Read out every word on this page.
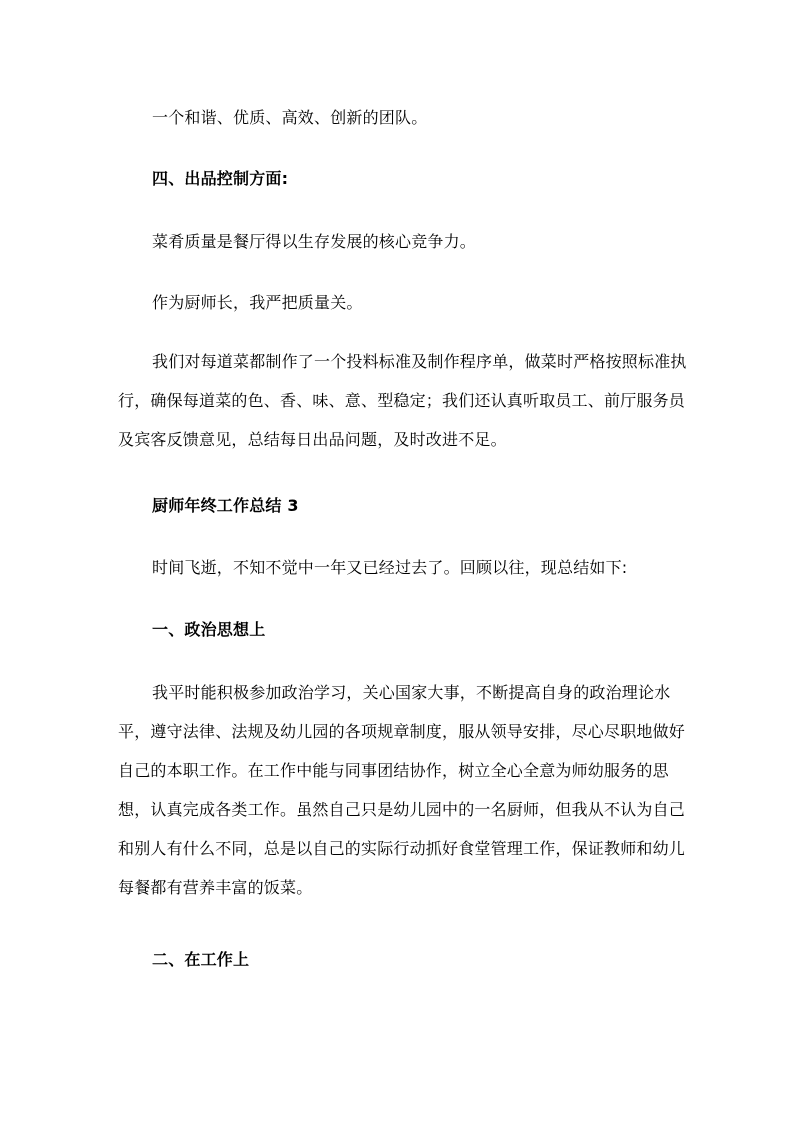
一个和谐、优质、高效、创新的团队。

四、出品控制方面:

菜肴质量是餐厅得以生存发展的核心竞争力。

作为厨师长，我严把质量关。

我们对每道菜都制作了一个投料标准及制作程序单，做菜时严格按照标准执行，确保每道菜的色、香、味、意、型稳定；我们还认真听取员工、前厅服务员及宾客反馈意见，总结每日出品问题，及时改进不足。

厨师年终工作总结 3

时间飞逝，不知不觉中一年又已经过去了。回顾以往，现总结如下:

一、政治思想上

我平时能积极参加政治学习，关心国家大事，不断提高自身的政治理论水平，遵守法律、法规及幼儿园的各项规章制度，服从领导安排，尽心尽职地做好自己的本职工作。在工作中能与同事团结协作，树立全心全意为师幼服务的思想，认真完成各类工作。虽然自己只是幼儿园中的一名厨师，但我从不认为自己和别人有什么不同，总是以自己的实际行动抓好食堂管理工作，保证教师和幼儿每餐都有营养丰富的饭菜。

二、在工作上
